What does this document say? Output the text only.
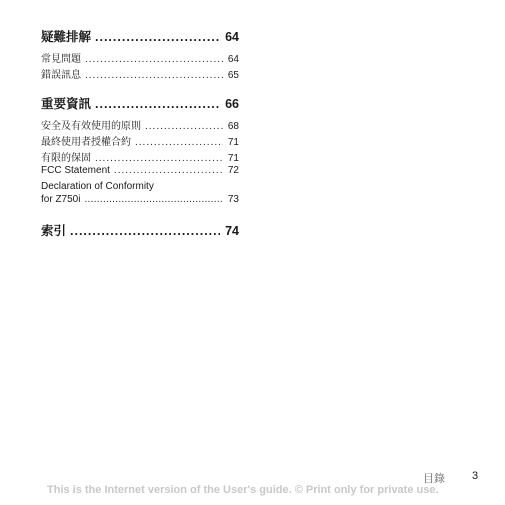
疑難排解 .....	64
常見問題 .....	64
錯誤訊息 .....	65
重要資訊 .....	66
安全及有效使用的原則 .....	68
最終使用者授權合約 .....	71
有限的保固 .....	71
FCC Statement .....	72
Declaration of Conformity
for Z750i .....	73
索引 .....	74
目錄 3
This is the Internet version of the User's guide. © Print only for private use.
